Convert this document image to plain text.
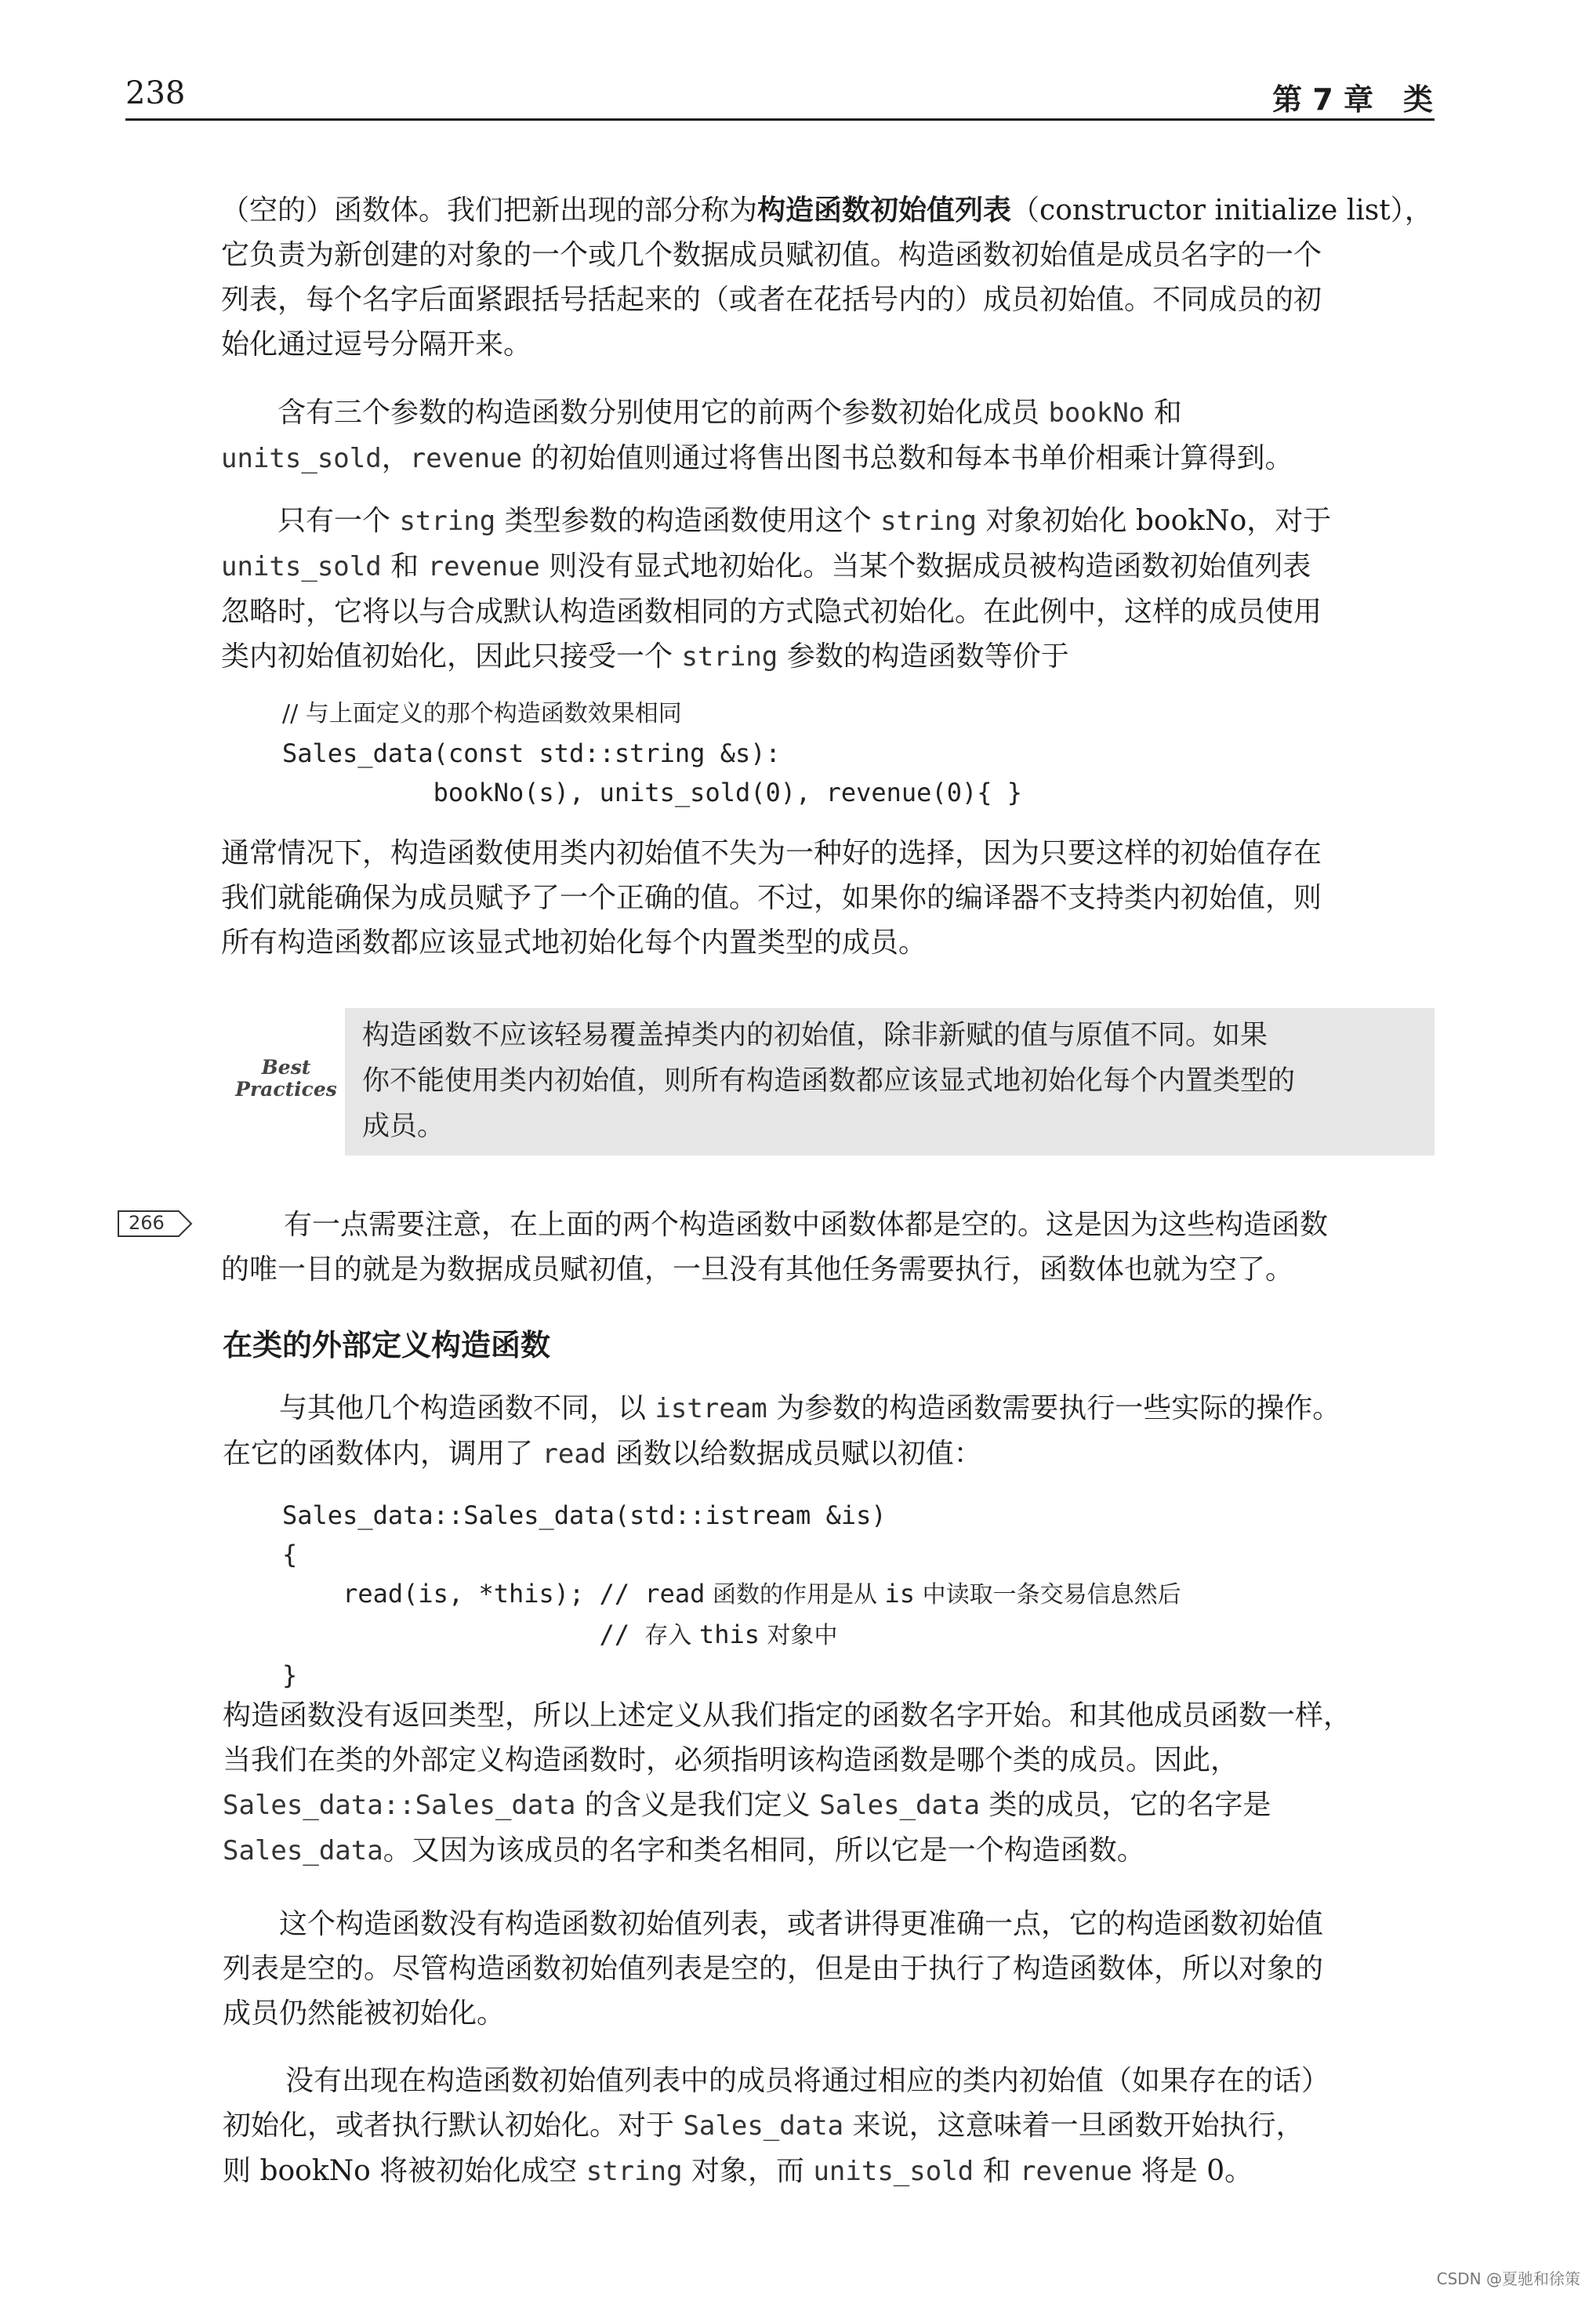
238	第 7 章　类
（空的）函数体。我们把新出现的部分称为构造函数初始值列表（constructor initialize list），
它负责为新创建的对象的一个或几个数据成员赋初值。构造函数初始值是成员名字的一个
列表，每个名字后面紧跟括号括起来的（或者在花括号内的）成员初始值。不同成员的初
始化通过逗号分隔开来。
含有三个参数的构造函数分别使用它的前两个参数初始化成员 bookNo 和
units_sold，revenue 的初始值则通过将售出图书总数和每本书单价相乘计算得到。
只有一个 string 类型参数的构造函数使用这个 string 对象初始化 bookNo，对于
units_sold 和 revenue 则没有显式地初始化。当某个数据成员被构造函数初始值列表
忽略时，它将以与合成默认构造函数相同的方式隐式初始化。在此例中，这样的成员使用
类内初始值初始化，因此只接受一个 string 参数的构造函数等价于
// 与上面定义的那个构造函数效果相同
Sales_data(const std::string &s):
bookNo(s), units_sold(0), revenue(0){ }
通常情况下，构造函数使用类内初始值不失为一种好的选择，因为只要这样的初始值存在
我们就能确保为成员赋予了一个正确的值。不过，如果你的编译器不支持类内初始值，则
所有构造函数都应该显式地初始化每个内置类型的成员。
Best
Practices
构造函数不应该轻易覆盖掉类内的初始值，除非新赋的值与原值不同。如果
你不能使用类内初始值，则所有构造函数都应该显式地初始化每个内置类型的
成员。
266	有一点需要注意，在上面的两个构造函数中函数体都是空的。这是因为这些构造函数
的唯一目的就是为数据成员赋初值，一旦没有其他任务需要执行，函数体也就为空了。
在类的外部定义构造函数
与其他几个构造函数不同，以 istream 为参数的构造函数需要执行一些实际的操作。
在它的函数体内，调用了 read 函数以给数据成员赋以初值：
Sales_data::Sales_data(std::istream &is)
{
read(is, *this); // read 函数的作用是从 is 中读取一条交易信息然后
// 存入 this 对象中
}
构造函数没有返回类型，所以上述定义从我们指定的函数名字开始。和其他成员函数一样，
当我们在类的外部定义构造函数时，必须指明该构造函数是哪个类的成员。因此，
Sales_data::Sales_data 的含义是我们定义 Sales_data 类的成员，它的名字是
Sales_data。又因为该成员的名字和类名相同，所以它是一个构造函数。
这个构造函数没有构造函数初始值列表，或者讲得更准确一点，它的构造函数初始值
列表是空的。尽管构造函数初始值列表是空的，但是由于执行了构造函数体，所以对象的
成员仍然能被初始化。
没有出现在构造函数初始值列表中的成员将通过相应的类内初始值（如果存在的话）
初始化，或者执行默认初始化。对于 Sales_data 来说，这意味着一旦函数开始执行，
则 bookNo 将被初始化成空 string 对象，而 units_sold 和 revenue 将是 0。
CSDN @夏驰和徐策
